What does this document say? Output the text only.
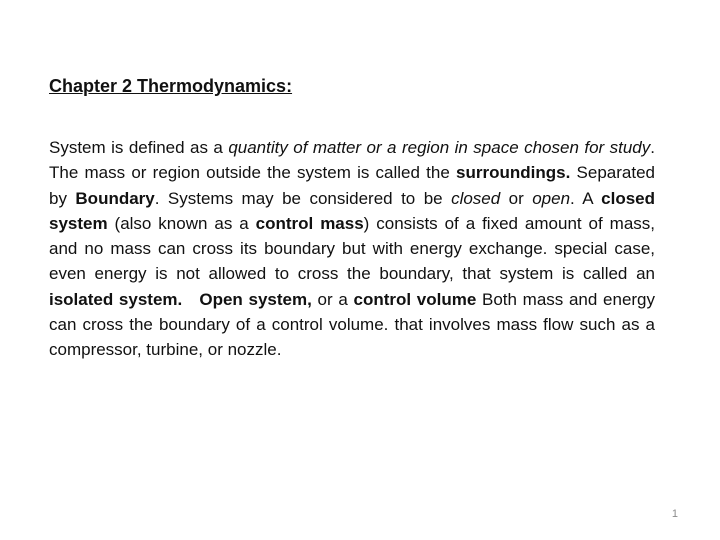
Chapter 2 Thermodynamics:

System is defined as a quantity of matter or a region in space chosen for study. The mass or region outside the system is called the surroundings. Separated by Boundary. Systems may be considered to be closed or open. A closed system (also known as a control mass) consists of a fixed amount of mass, and no mass can cross its boundary but with energy exchange. special case, even energy is not allowed to cross the boundary, that system is called an isolated system. Open system, or a control volume Both mass and energy can cross the boundary of a control volume. that involves mass flow such as a compressor, turbine, or nozzle.

1
